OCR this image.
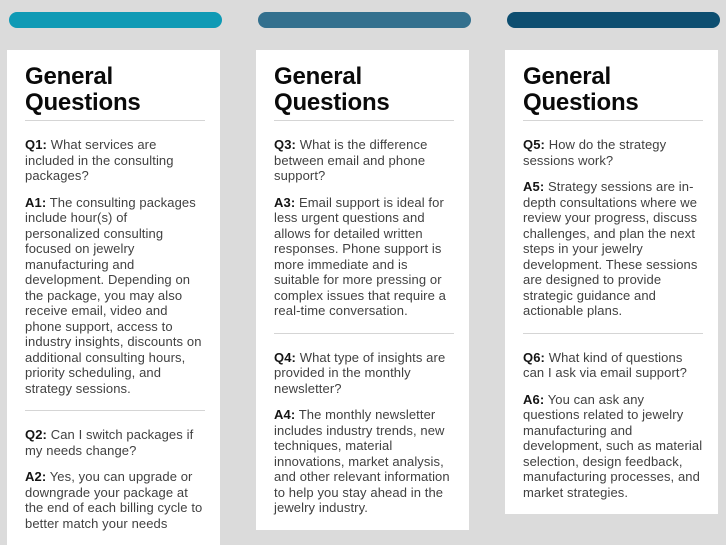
General Questions

Q1: What services are included in the consulting packages?

A1: The consulting packages include hour(s) of personalized consulting focused on jewelry manufacturing and development. Depending on the package, you may also receive email, video and phone support, access to industry insights, discounts on additional consulting hours, priority scheduling, and strategy sessions.

Q2: Can I switch packages if my needs change?

A2: Yes, you can upgrade or downgrade your package at the end of each billing cycle to better match your needs

General Questions

Q3: What is the difference between email and phone support?

A3: Email support is ideal for less urgent questions and allows for detailed written responses. Phone support is more immediate and is suitable for more pressing or complex issues that require a real-time conversation.

Q4: What type of insights are provided in the monthly newsletter?

A4: The monthly newsletter includes industry trends, new techniques, material innovations, market analysis, and other relevant information to help you stay ahead in the jewelry industry.

General Questions

Q5: How do the strategy sessions work?

A5: Strategy sessions are in-depth consultations where we review your progress, discuss challenges, and plan the next steps in your jewelry development. These sessions are designed to provide strategic guidance and actionable plans.

Q6: What kind of questions can I ask via email support?

A6: You can ask any questions related to jewelry manufacturing and development, such as material selection, design feedback, manufacturing processes, and market strategies.
